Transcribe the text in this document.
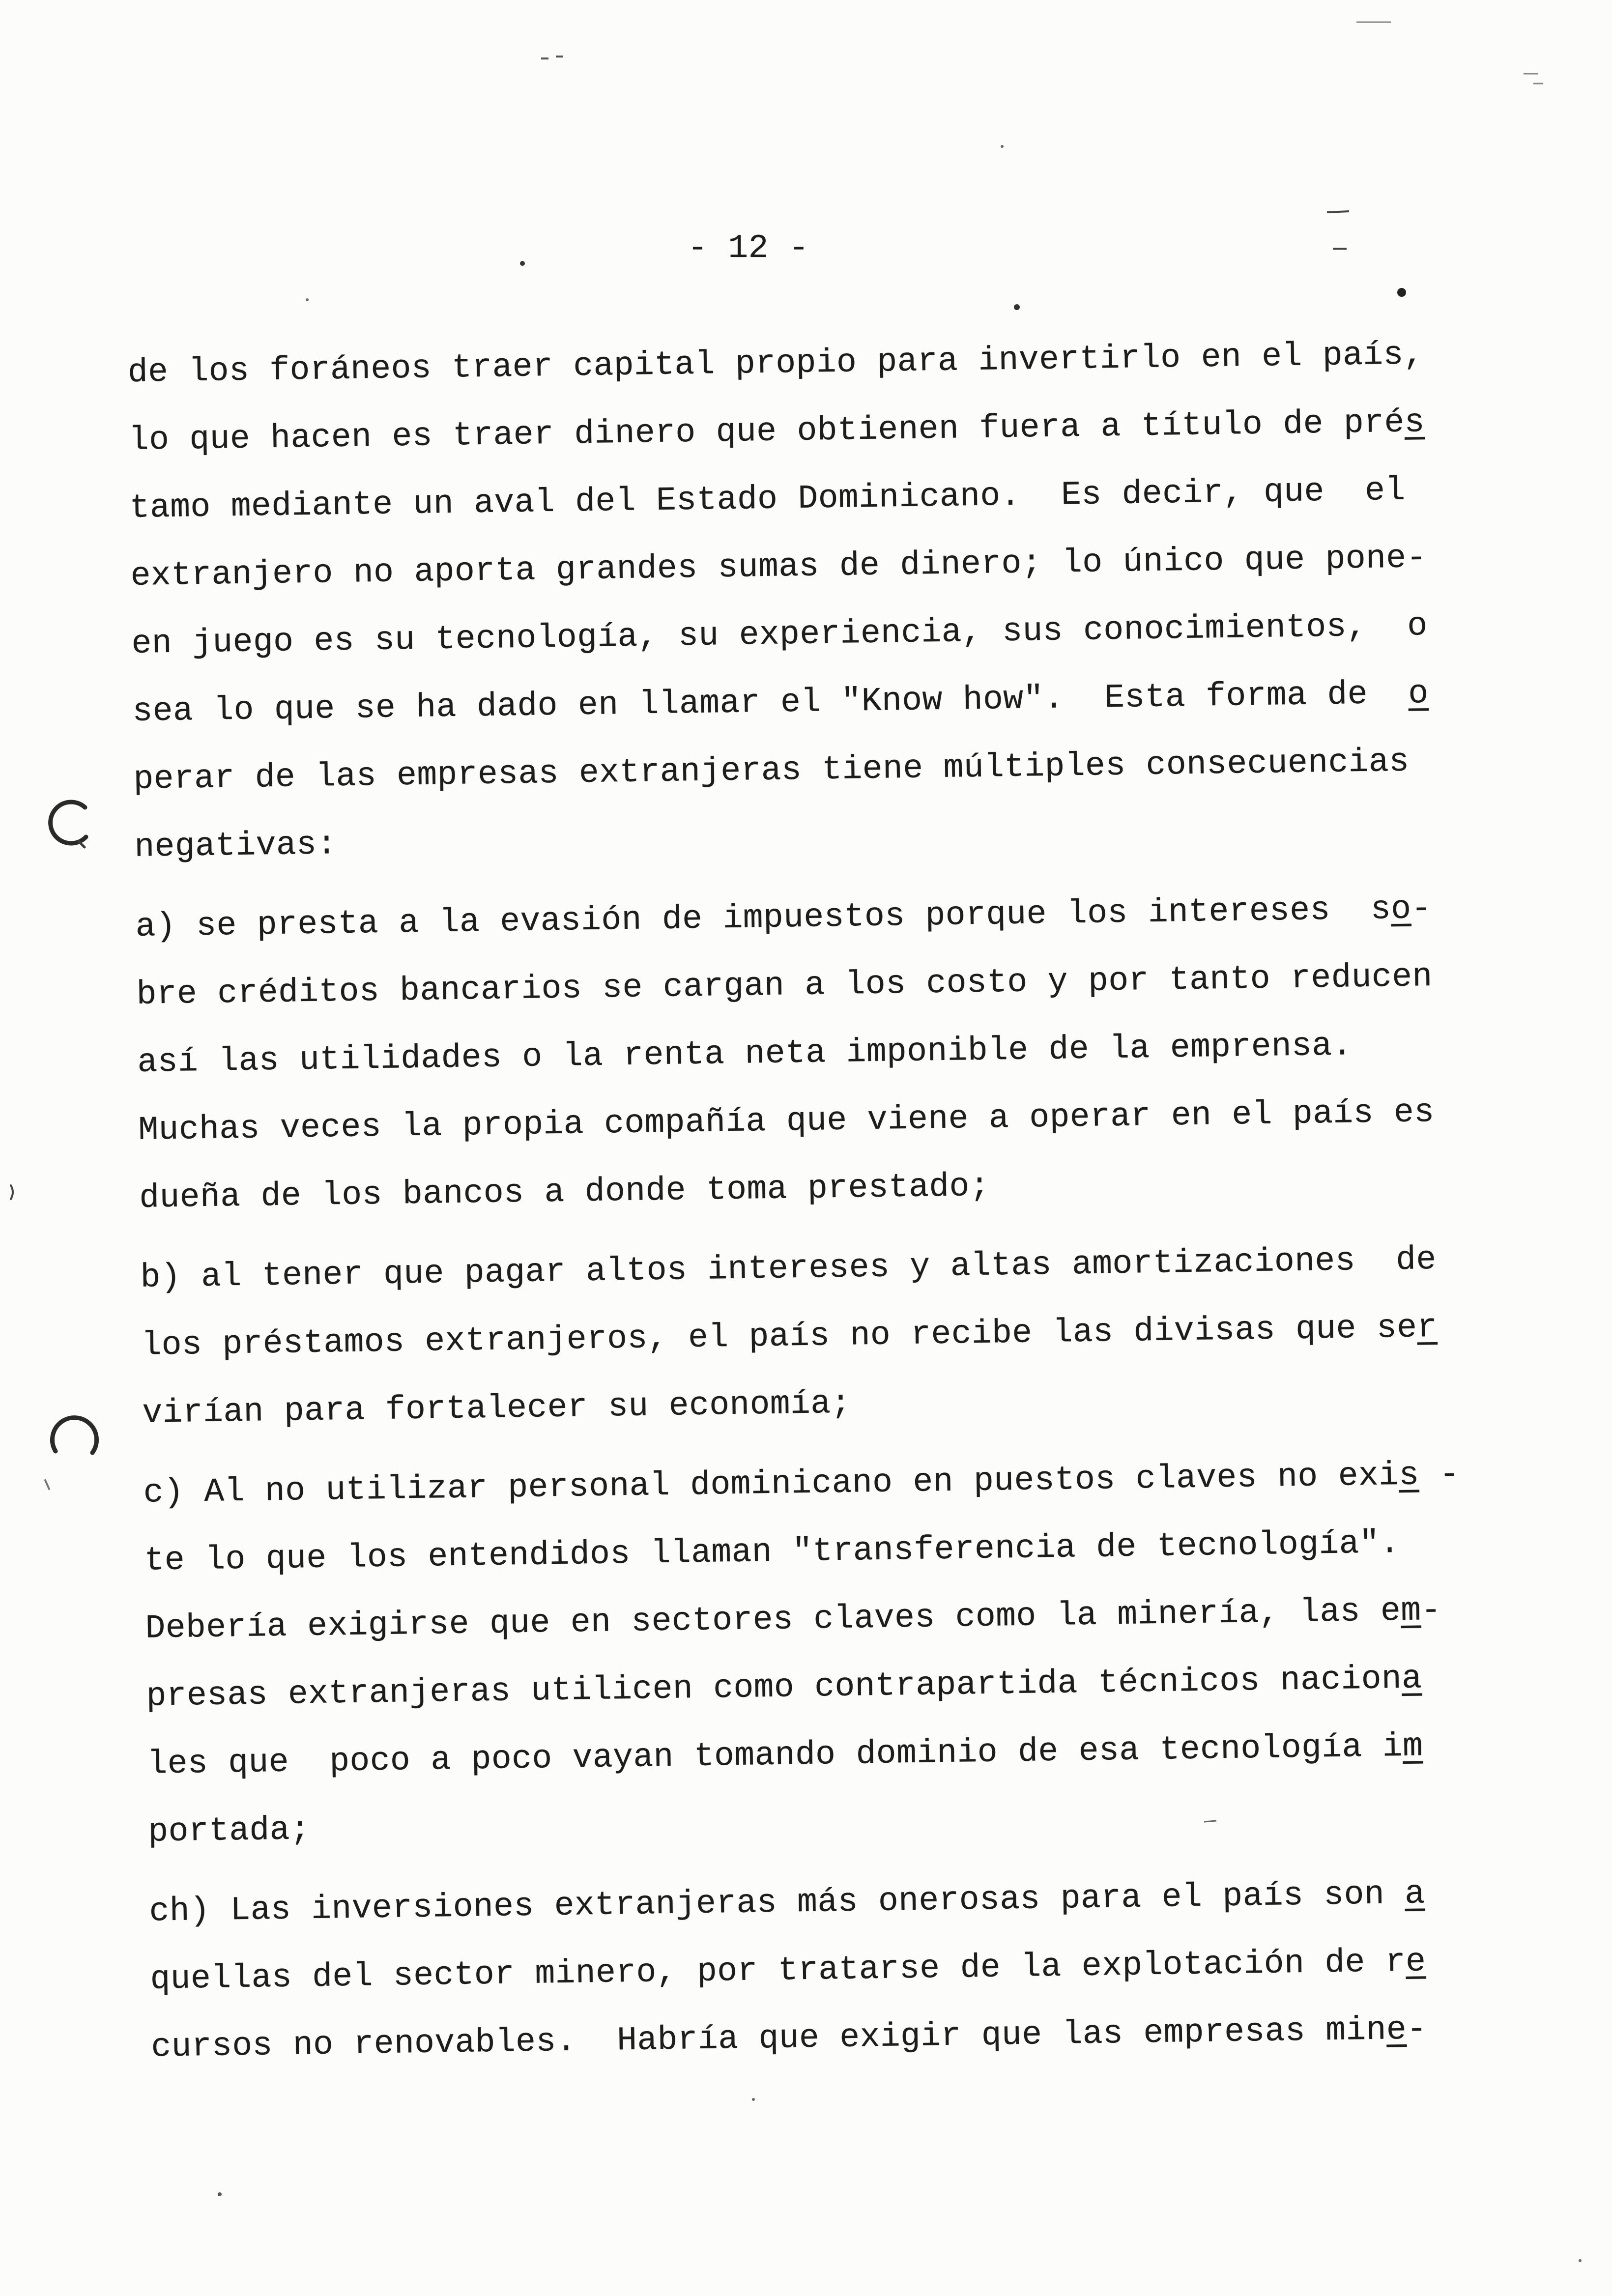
- 12 -
de los foráneos traer capital propio para invertirlo en el país,
lo que hacen es traer dinero que obtienen fuera a título de prés
tamo mediante un aval del Estado Dominicano.  Es decir, que  el
extranjero no aporta grandes sumas de dinero; lo único que pone-
en juego es su tecnología, su experiencia, sus conocimientos,  o
sea lo que se ha dado en llamar el "Know how".  Esta forma de  o
perar de las empresas extranjeras tiene múltiples consecuencias
negativas:
a) se presta a la evasión de impuestos porque los intereses  so-
bre créditos bancarios se cargan a los costo y por tanto reducen
así las utilidades o la renta neta imponible de la emprensa.
Muchas veces la propia compañía que viene a operar en el país es
dueña de los bancos a donde toma prestado;
b) al tener que pagar altos intereses y altas amortizaciones  de
los préstamos extranjeros, el país no recibe las divisas que ser
virían para fortalecer su economía;
c) Al no utilizar personal dominicano en puestos claves no exis -
te lo que los entendidos llaman "transferencia de tecnología".
Debería exigirse que en sectores claves como la minería, las em-
presas extranjeras utilicen como contrapartida técnicos naciona
les que  poco a poco vayan tomando dominio de esa tecnología im
portada;
ch) Las inversiones extranjeras más onerosas para el país son a
quellas del sector minero, por tratarse de la explotación de re
cursos no renovables.  Habría que exigir que las empresas mine-
